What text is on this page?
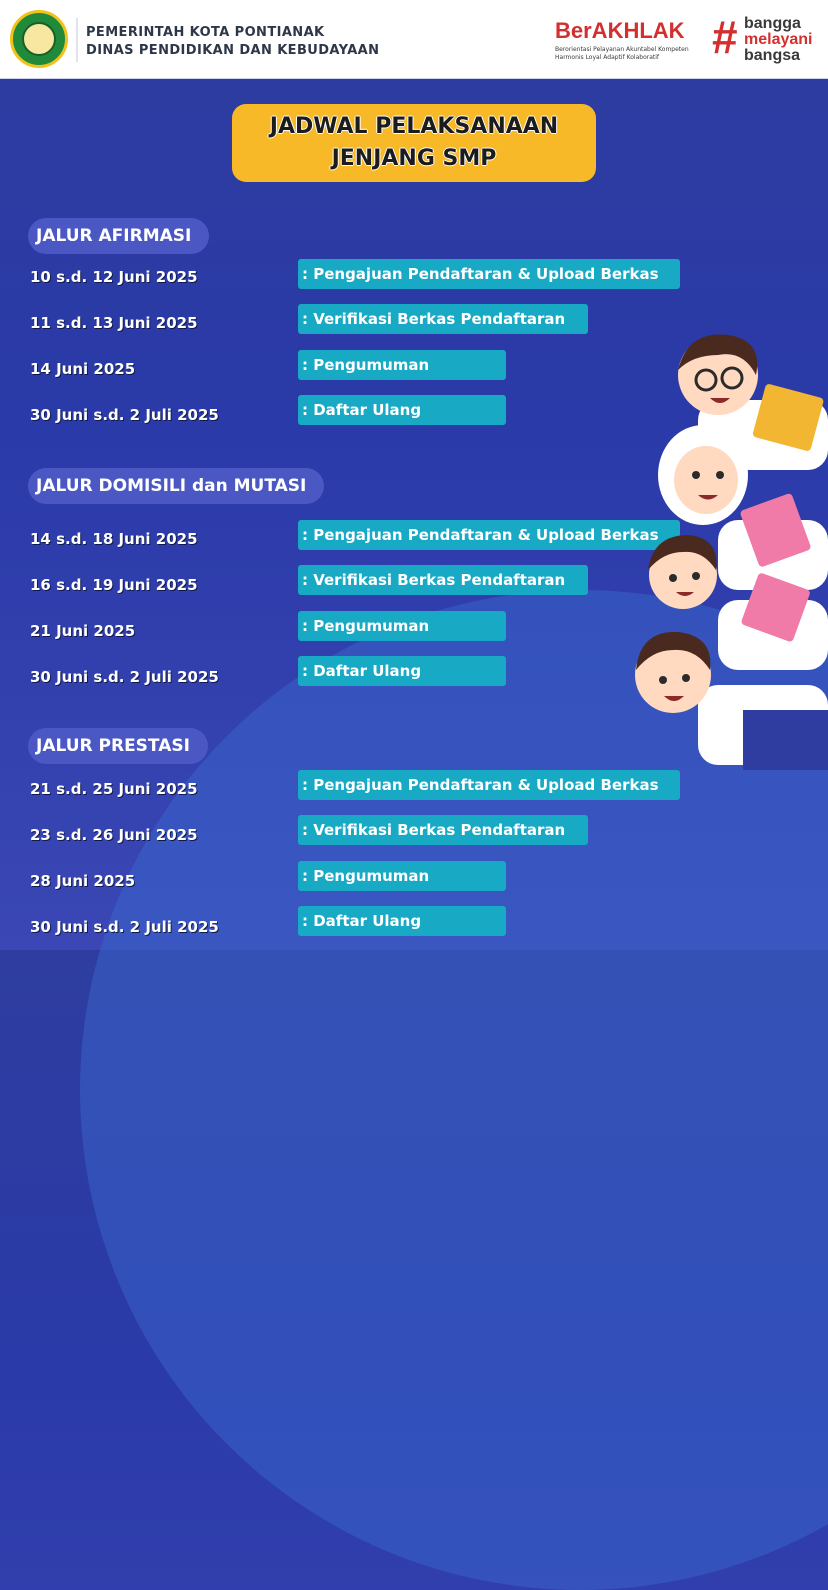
PEMERINTAH KOTA PONTIANAK
DINAS PENDIDIKAN DAN KEBUDAYAAN
BerAKHLAK
Berorientasi Pelayanan Akuntabel Kompeten Harmonis Loyal Adaptif Kolaboratif	# bangga
melayani
bangsa
JADWAL PELAKSANAAN
JENJANG SMP
JALUR AFIRMASI
10 s.d. 12 Juni 2025	: Pengajuan Pendaftaran & Upload Berkas
11 s.d. 13 Juni 2025	: Verifikasi Berkas Pendaftaran
14 Juni 2025	: Pengumuman
30 Juni s.d. 2 Juli 2025	: Daftar Ulang
JALUR DOMISILI dan MUTASI
14 s.d. 18 Juni 2025	: Pengajuan Pendaftaran & Upload Berkas
16 s.d. 19 Juni 2025	: Verifikasi Berkas Pendaftaran
21 Juni 2025	: Pengumuman
30 Juni s.d. 2 Juli 2025	: Daftar Ulang
JALUR PRESTASI
21 s.d. 25 Juni 2025	: Pengajuan Pendaftaran & Upload Berkas
23 s.d. 26 Juni 2025	: Verifikasi Berkas Pendaftaran
28 Juni 2025	: Pengumuman
30 Juni s.d. 2 Juli 2025	: Daftar Ulang
